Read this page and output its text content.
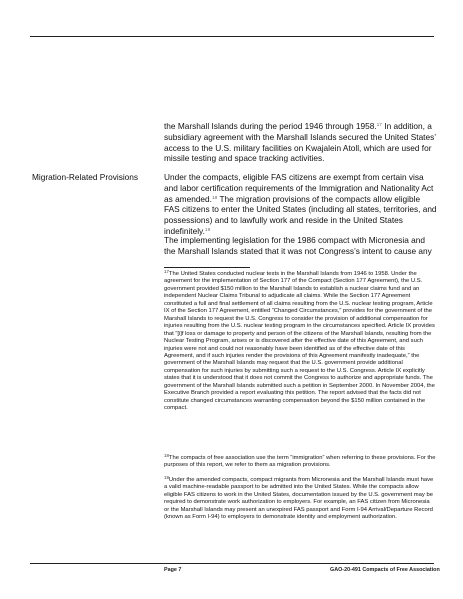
the Marshall Islands during the period 1946 through 1958.17 In addition, a subsidiary agreement with the Marshall Islands secured the United States’ access to the U.S. military facilities on Kwajalein Atoll, which are used for missile testing and space tracking activities.

Migration-Related Provisions	Under the compacts, eligible FAS citizens are exempt from certain visa and labor certification requirements of the Immigration and Nationality Act as amended.$^{18}$ The migration provisions of the compacts allow eligible FAS citizens to enter the United States (including all states, territories, and possessions) and to lawfully work and reside in the United States indefinitely.$^{19}$

The implementing legislation for the 1986 compact with Micronesia and the Marshall Islands stated that it was not Congress’s intent to cause any

$^{17}$The United States conducted nuclear tests in the Marshall Islands from 1946 to 1958. Under the agreement for the implementation of Section 177 of the Compact (Section 177 Agreement), the U.S. government provided $150 million to the Marshall Islands to establish a nuclear claims fund and an independent Nuclear Claims Tribunal to adjudicate all claims. While the Section 177 Agreement constituted a full and final settlement of all claims resulting from the U.S. nuclear testing program, Article IX of the Section 177 Agreement, entitled “Changed Circumstances,” provides for the government of the Marshall Islands to request the U.S. Congress to consider the provision of additional compensation for injuries resulting from the U.S. nuclear testing program in the circumstances specified. Article IX provides that “[i]f loss or damage to property and person of the citizens of the Marshall Islands, resulting from the Nuclear Testing Program, arises or is discovered after the effective date of this Agreement, and such injuries were not and could not reasonably have been identified as of the effective date of this Agreement, and if such injuries render the provisions of this Agreement manifestly inadequate,” the government of the Marshall Islands may request that the U.S. government provide additional compensation for such injuries by submitting such a request to the U.S. Congress. Article IX explicitly states that it is understood that it does not commit the Congress to authorize and appropriate funds. The government of the Marshall Islands submitted such a petition in September 2000. In November 2004, the Executive Branch provided a report evaluating this petition. The report advised that the facts did not constitute changed circumstances warranting compensation beyond the $150 million contained in the compact.

$^{18}$The compacts of free association use the term “immigration” when referring to these provisions. For the purposes of this report, we refer to them as migration provisions.

$^{19}$Under the amended compacts, compact migrants from Micronesia and the Marshall Islands must have a valid machine-readable passport to be admitted into the United States. While the compacts allow eligible FAS citizens to work in the United States, documentation issued by the U.S. government may be required to demonstrate work authorization to employers. For example, an FAS citizen from Micronesia or the Marshall Islands may present an unexpired FAS passport and Form I-94 Arrival/Departure Record (known as Form I-94) to employers to demonstrate identity and employment authorization.

Page 7	GAO-20-491 Compacts of Free Association
